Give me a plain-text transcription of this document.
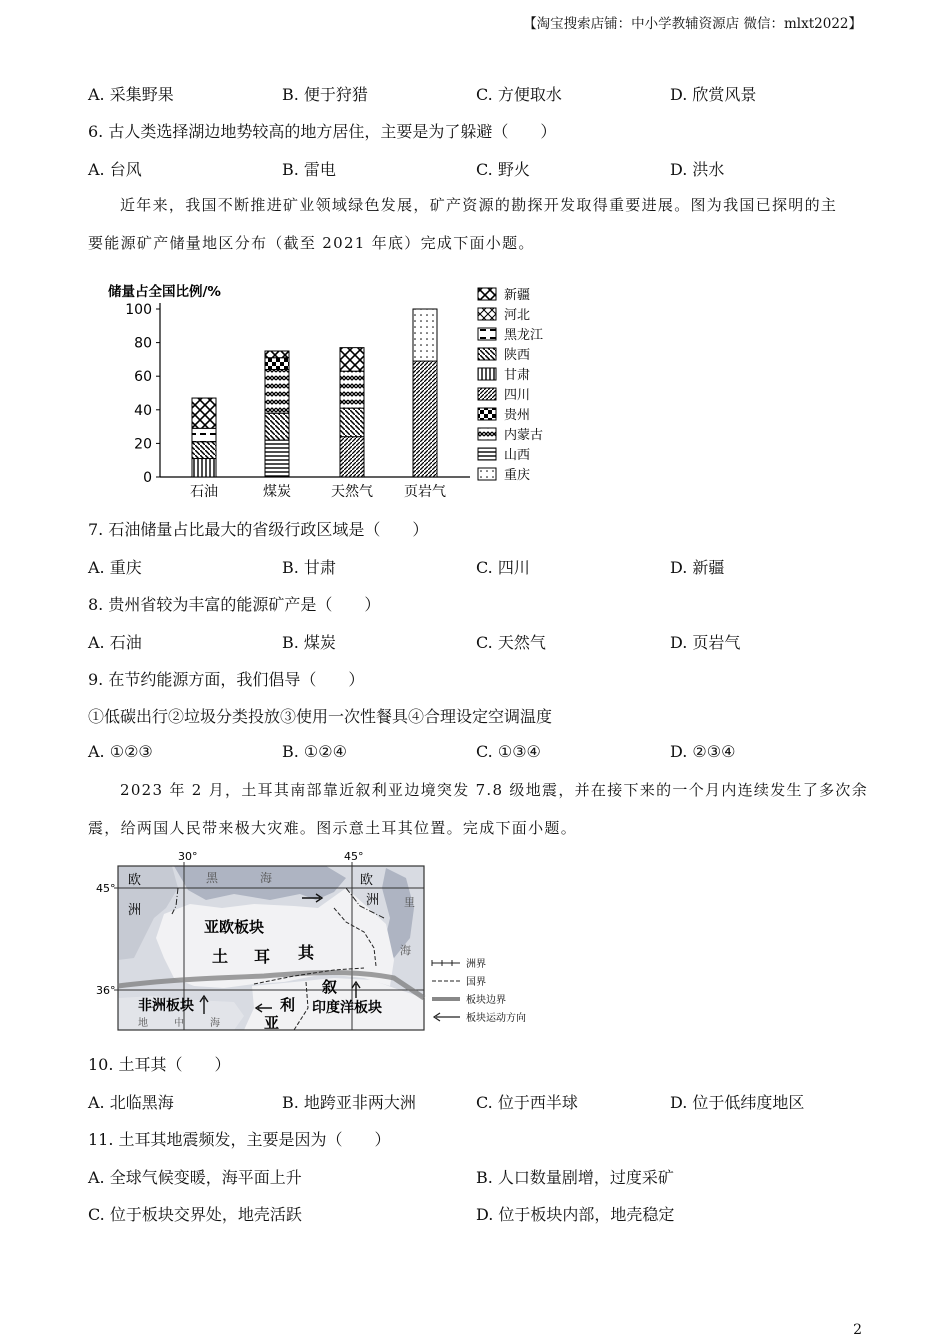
【淘宝搜索店铺：中小学教辅资源店 微信：mlxt2022】
A. 采集野果	B. 便于狩猎	C. 方便取水	D. 欣赏风景
6. 古人类选择湖边地势较高的地方居住，主要是为了躲避（　　）
A. 台风	B. 雷电	C. 野火	D. 洪水
近年来，我国不断推进矿业领域绿色发展，矿产资源的勘探开发取得重要进展。图为我国已探明的主
要能源矿产储量地区分布（截至 2021 年底）完成下面小题。
储量占全国比例/%
0
20
40
60
80
100
石油	煤炭	天然气 页岩气
新疆
河北
黑龙江
陕西
甘肃
四川
贵州
内蒙古
山西
重庆
7. 石油储量占比最大的省级行政区域是（　　）
A. 重庆	B. 甘肃	C. 四川	D. 新疆
8. 贵州省较为丰富的能源矿产是（　　）
A. 石油	B. 煤炭	C. 天然气	D. 页岩气
9. 在节约能源方面，我们倡导（　　）
①低碳出行②垃圾分类投放③使用一次性餐具④合理设定空调温度
A. ①②③	B. ①②④	C. ①③④	D. ②③④
2023 年 2 月，土耳其南部靠近叙利亚边境突发 7.8 级地震，并在接下来的一个月内连续发生了多次余
震，给两国人民带来极大灾难。图示意土耳其位置。完成下面小题。
30°	45°
45°
36°
欧
洲
黑	海	欧
洲 里
海
亚欧板块
土 耳 其
非洲板块
地	中	海
叙
利
亚
印度洋板块
洲界
国界
板块边界
板块运动方向
10. 土耳其（　　）
A. 北临黑海	B. 地跨亚非两大洲	C. 位于西半球	D. 位于低纬度地区
11. 土耳其地震频发，主要是因为（　　）
A. 全球气候变暖，海平面上升	B. 人口数量剧增，过度采矿
C. 位于板块交界处，地壳活跃	D. 位于板块内部，地壳稳定
2
